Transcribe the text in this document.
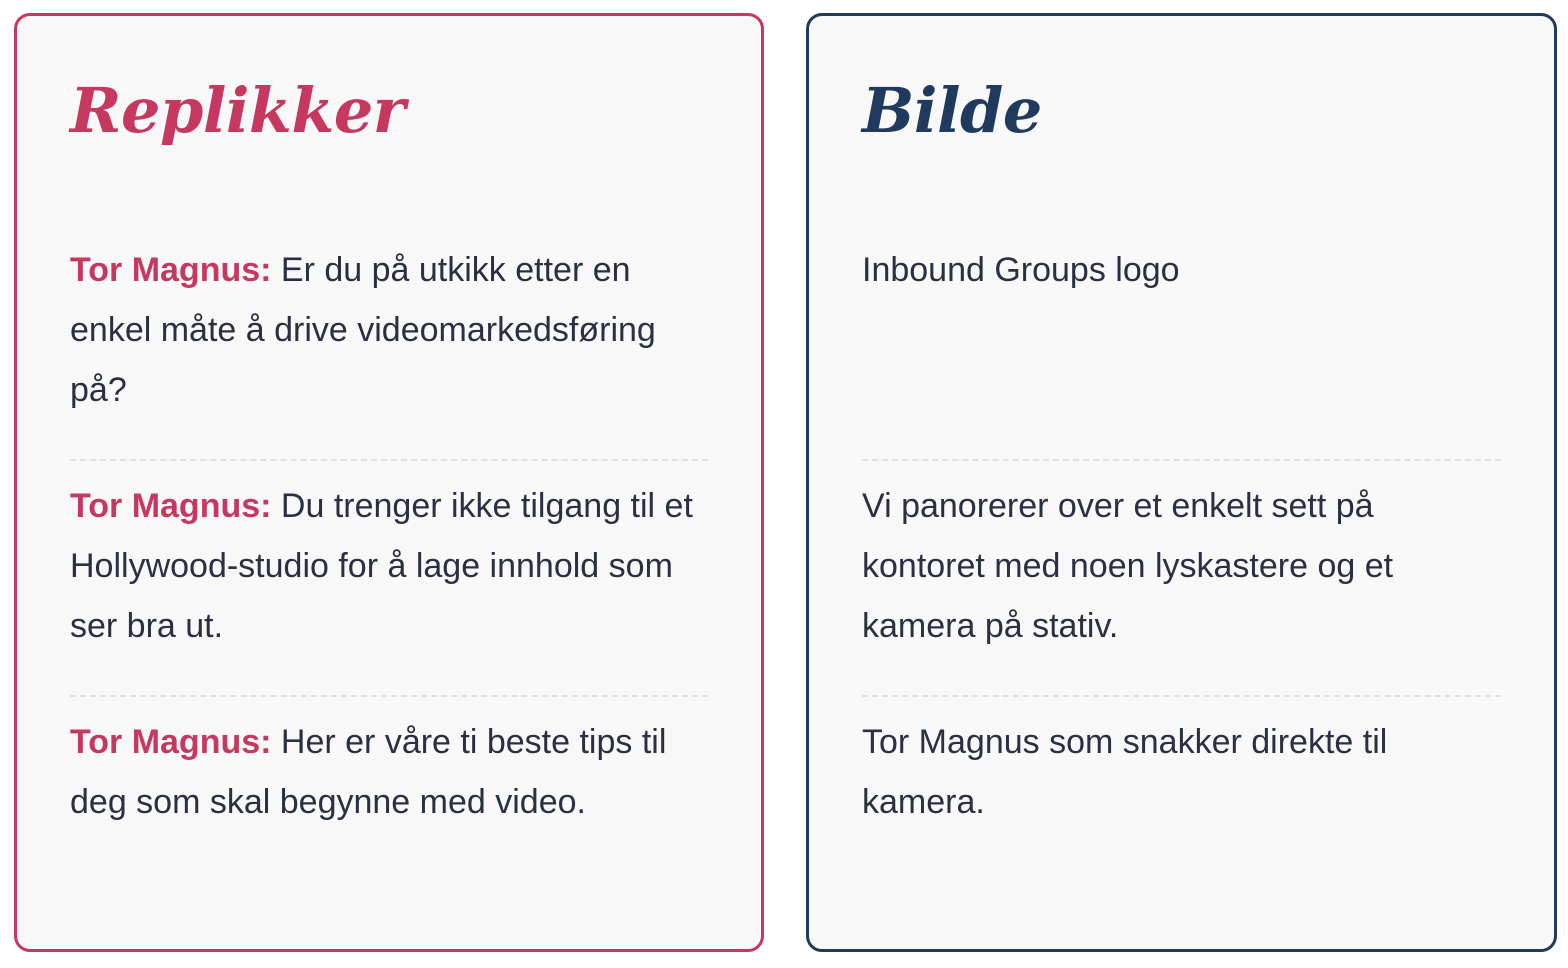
Replikker
Tor Magnus: Er du på utkikk etter en enkel måte å drive videomarkedsføring på?
Tor Magnus: Du trenger ikke tilgang til et Hollywood-studio for å lage innhold som ser bra ut.
Tor Magnus: Her er våre ti beste tips til deg som skal begynne med video.
Bilde
Inbound Groups logo
Vi panorerer over et enkelt sett på kontoret med noen lyskastere og et kamera på stativ.
Tor Magnus som snakker direkte til kamera.
